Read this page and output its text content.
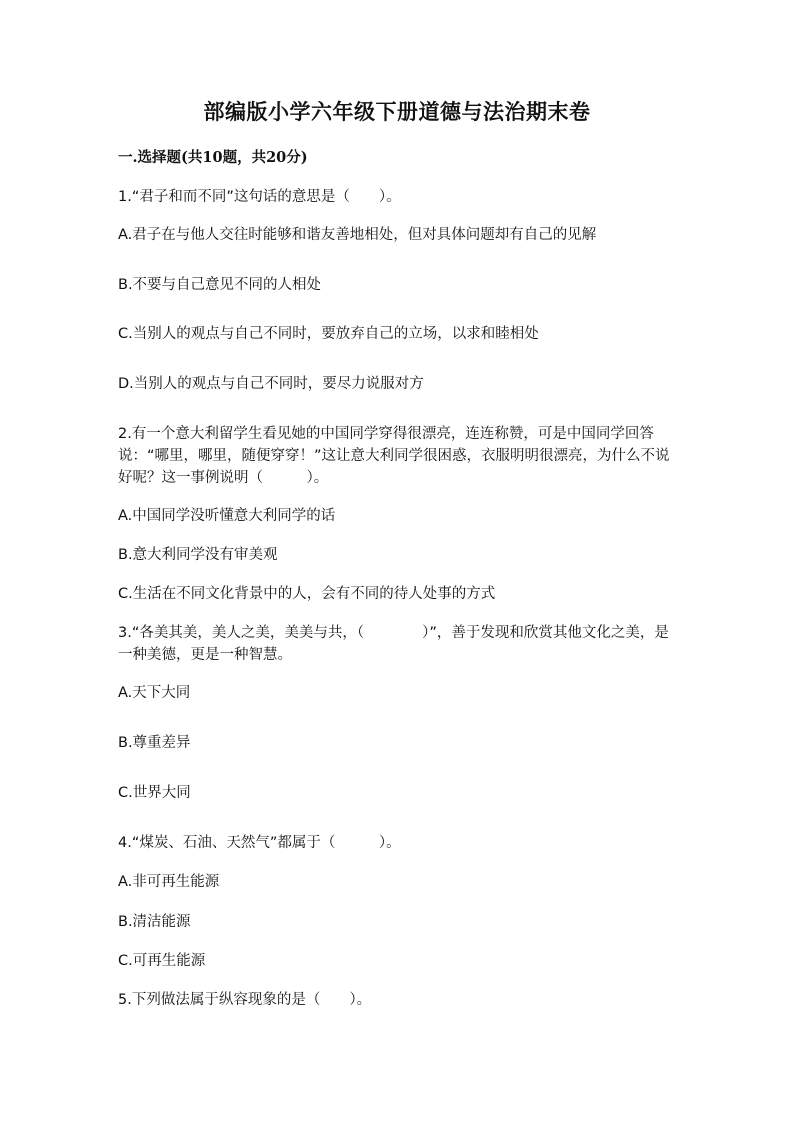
部编版小学六年级下册道德与法治期末卷
一.选择题(共10题，共20分)
1.“君子和而不同”这句话的意思是（　　）。
A.君子在与他人交往时能够和谐友善地相处，但对具体问题却有自己的见解
B.不要与自己意见不同的人相处
C.当别人的观点与自己不同时，要放弃自己的立场，以求和睦相处
D.当别人的观点与自己不同时，要尽力说服对方
2.有一个意大利留学生看见她的中国同学穿得很漂亮，连连称赞，可是中国同学回答说：“哪里，哪里，随便穿穿！”这让意大利同学很困惑，衣服明明很漂亮，为什么不说好呢？这一事例说明（　　　）。
A.中国同学没听懂意大利同学的话
B.意大利同学没有审美观
C.生活在不同文化背景中的人，会有不同的待人处事的方式
3.“各美其美，美人之美，美美与共，（　　　　）”，善于发现和欣赏其他文化之美，是一种美德，更是一种智慧。
A.天下大同
B.尊重差异
C.世界大同
4.“煤炭、石油、天然气”都属于（　　　）。
A.非可再生能源
B.清洁能源
C.可再生能源
5.下列做法属于纵容现象的是（　　）。
